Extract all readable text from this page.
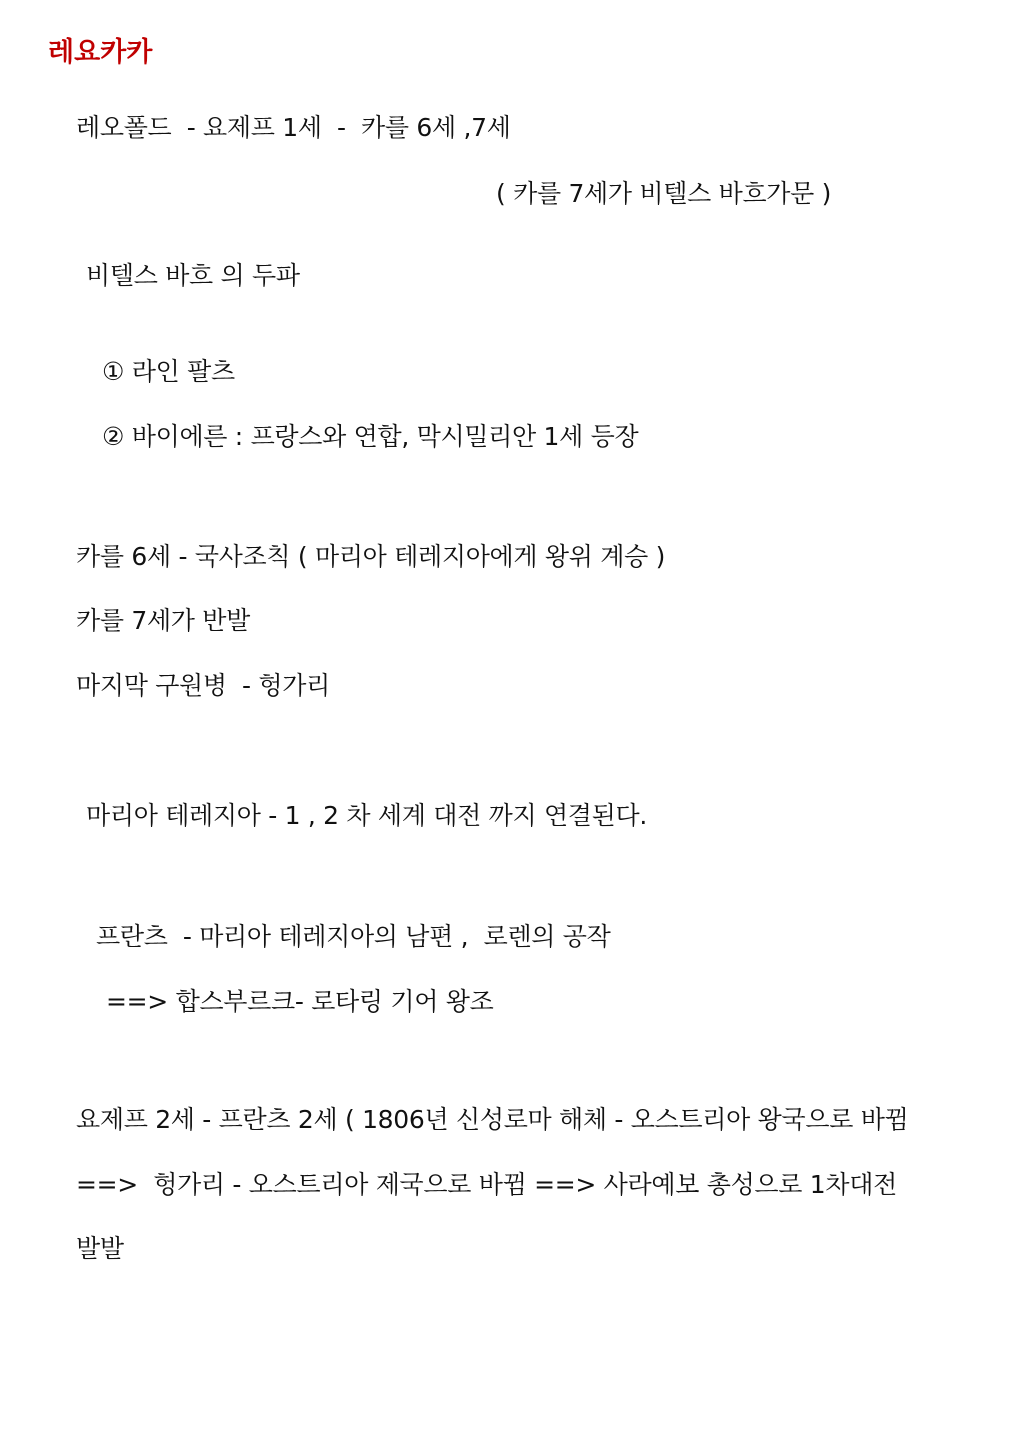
레요카카
레오폴드  - 요제프 1세  -  카를 6세 ,7세
( 카를 7세가 비텔스 바흐가문 )
비텔스 바흐 의 두파
① 라인 팔츠
② 바이에른 : 프랑스와 연합, 막시밀리안 1세 등장
카를 6세 - 국사조칙 ( 마리아 테레지아에게 왕위 계승 )
카를 7세가 반발
마지막 구원병  - 헝가리
마리아 테레지아 - 1 , 2 차 세계 대전 까지 연결된다.
프란츠  - 마리아 테레지아의 남편 ,  로렌의 공작
==> 합스부르크- 로타링 기어 왕조
요제프 2세 - 프란츠 2세 ( 1806년 신성로마 해체 - 오스트리아 왕국으로 바뀜
==>  헝가리 - 오스트리아 제국으로 바뀜 ==> 사라예보 총성으로 1차대전
발발
